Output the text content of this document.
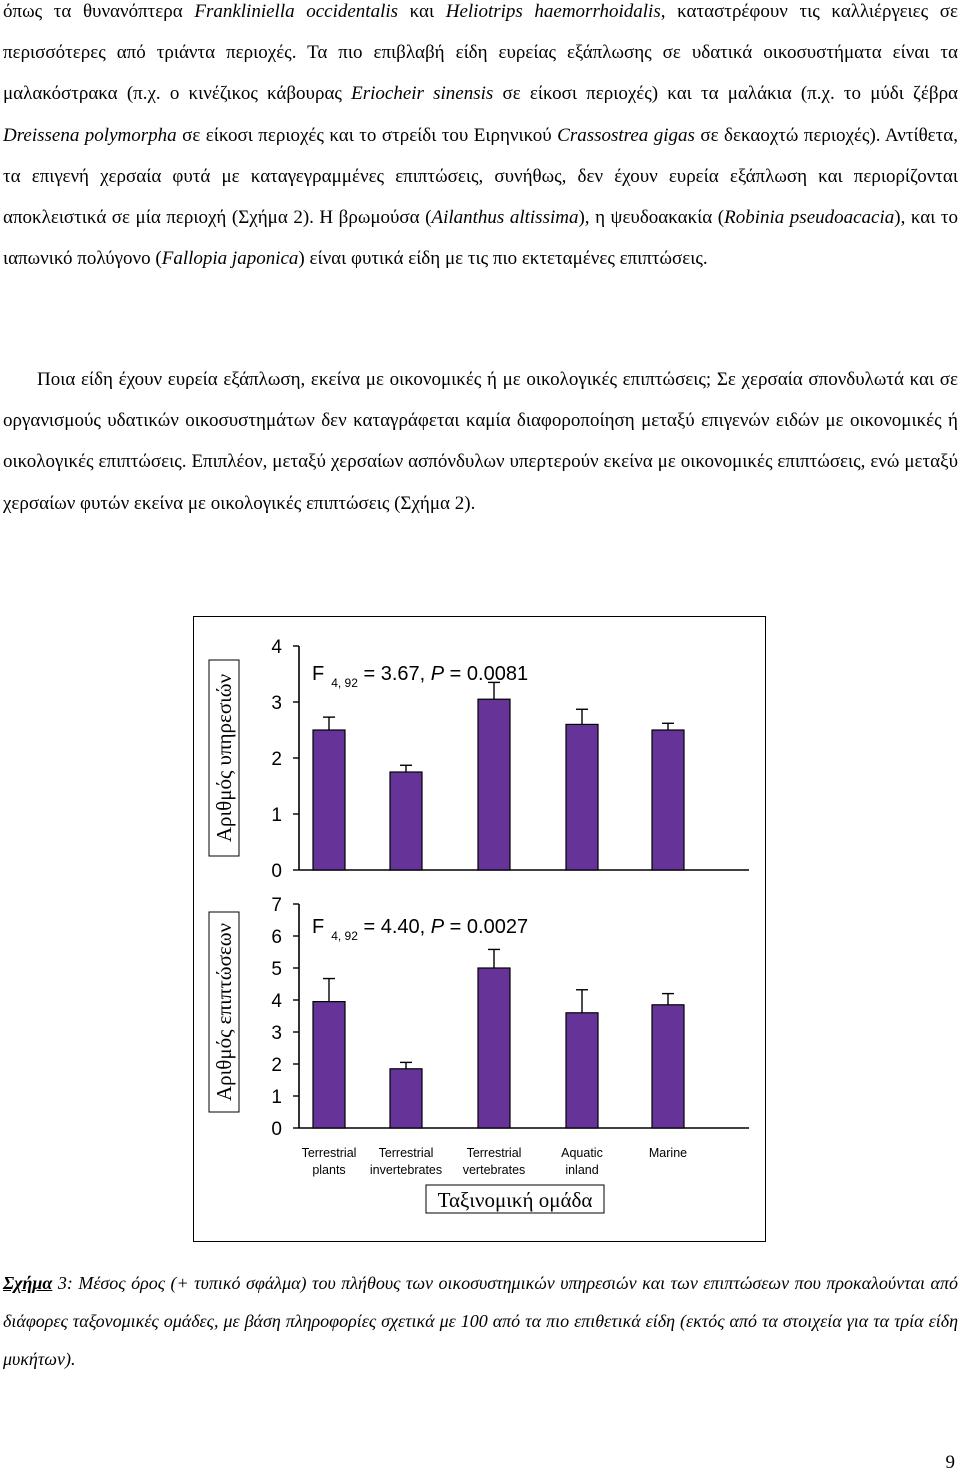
όπως τα θυνανόπτερα Frankliniella occidentalis και Heliotrips haemorrhoidalis, καταστρέφουν τις καλλιέργειες σε περισσότερες από τριάντα περιοχές. Τα πιο επιβλαβή είδη ευρείας εξάπλωσης σε υδατικά οικοσυστήματα είναι τα μαλακόστρακα (π.χ. ο κινέζικος κάβουρας Eriocheir sinensis σε είκοσι περιοχές) και τα μαλάκια (π.χ. το μύδι ζέβρα Dreissena polymorpha σε είκοσι περιοχές και το στρείδι του Ειρηνικού Crassostrea gigas σε δεκαοχτώ περιοχές). Αντίθετα, τα επιγενή χερσαία φυτά με καταγεγραμμένες επιπτώσεις, συνήθως, δεν έχουν ευρεία εξάπλωση και περιορίζονται αποκλειστικά σε μία περιοχή (Σχήμα 2). Η βρωμούσα (Ailanthus altissima), η ψευδοακακία (Robinia pseudoacacia), και το ιαπωνικό πολύγονο (Fallopia japonica) είναι φυτικά είδη με τις πιο εκτεταμένες επιπτώσεις.

Ποια είδη έχουν ευρεία εξάπλωση, εκείνα με οικονομικές ή με οικολογικές επιπτώσεις; Σε χερσαία σπονδυλωτά και σε οργανισμούς υδατικών οικοσυστημάτων δεν καταγράφεται καμία διαφοροποίηση μεταξύ επιγενών ειδών με οικονομικές ή οικολογικές επιπτώσεις. Επιπλέον, μεταξύ χερσαίων ασπόνδυλων υπερτερούν εκείνα με οικονομικές επιπτώσεις, ενώ μεταξύ χερσαίων φυτών εκείνα με οικολογικές επιπτώσεις (Σχήμα 2).

0
1
2
3
4
Αριθμός υπηρεσιών	F $_{4, 92}$ = 3.67, P = 0.0081
0
1
2
3
4
5
6
7
Αριθμός επιπτώσεων	F $_{4, 92}$ = 4.40, P = 0.0027
Terrestrial plants
Terrestrial invertebrates
Terrestrial vertebrates
Aquatic inland
Marine
Ταξινομική ομάδα

Σχήμα 3: Μέσος όρος (+ τυπικό σφάλμα) του πλήθους των οικοσυστημικών υπηρεσιών και των επιπτώσεων που προκαλούνται από διάφορες ταξονομικές ομάδες, με βάση πληροφορίες σχετικά με 100 από τα πιο επιθετικά είδη (εκτός από τα στοιχεία για τα τρία είδη μυκήτων).

9
